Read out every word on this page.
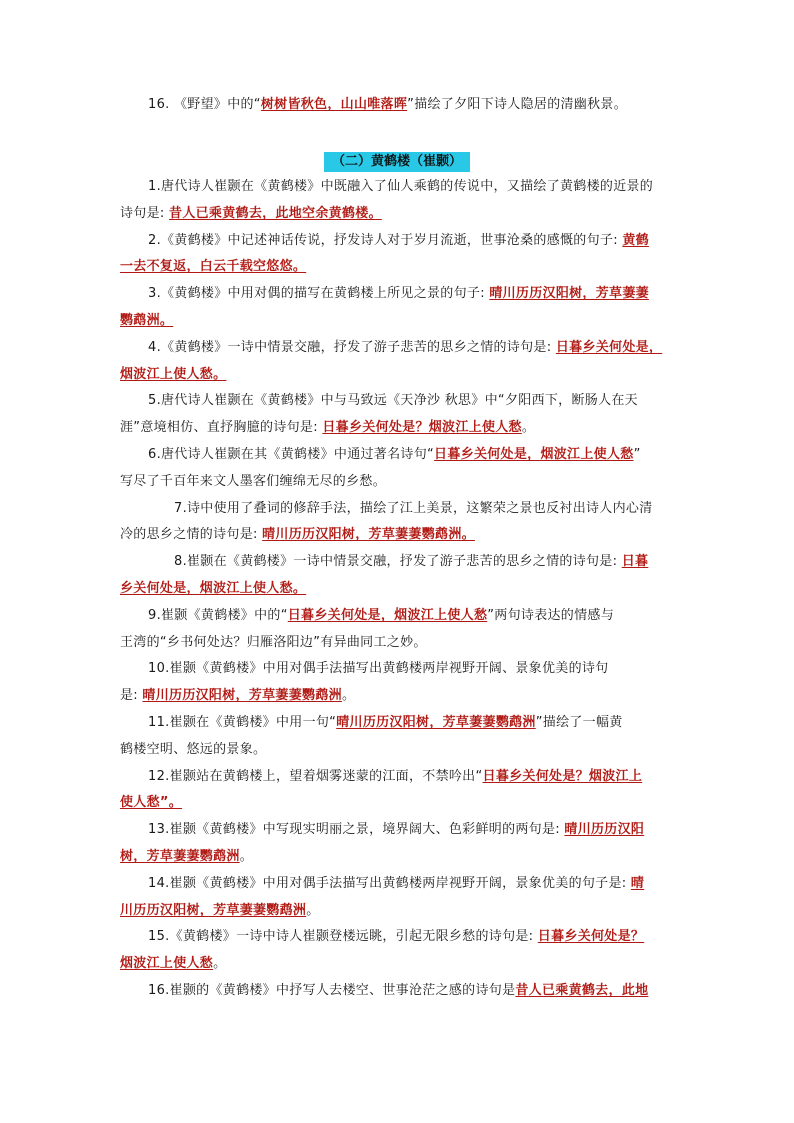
16. 《野望》中的“树树皆秋色，山山唯落晖”描绘了夕阳下诗人隐居的清幽秋景。
（二）黄鹤楼（崔颢）
1.唐代诗人崔颢在《黄鹤楼》中既融入了仙人乘鹤的传说中，又描绘了黄鹤楼的近景的
诗句是: 昔人已乘黄鹤去，此地空余黄鹤楼。
2.《黄鹤楼》中记述神话传说，抒发诗人对于岁月流逝，世事沧桑的感慨的句子: 黄鹤
一去不复返，白云千载空悠悠。
3.《黄鹤楼》中用对偶的描写在黄鹤楼上所见之景的句子: 晴川历历汉阳树，芳草萋萋
鹦鹉洲。
4.《黄鹤楼》一诗中情景交融，抒发了游子悲苦的思乡之情的诗句是: 日暮乡关何处是，
烟波江上使人愁。
5.唐代诗人崔颢在《黄鹤楼》中与马致远《天净沙 秋思》中“夕阳西下，断肠人在天
涯”意境相仿、直抒胸臆的诗句是: 日暮乡关何处是？烟波江上使人愁。
6.唐代诗人崔颢在其《黄鹤楼》中通过著名诗句“日暮乡关何处是，烟波江上使人愁”
写尽了千百年来文人墨客们缠绵无尽的乡愁。
7.诗中使用了叠词的修辞手法，描绘了江上美景，这繁荣之景也反衬出诗人内心清
冷的思乡之情的诗句是: 晴川历历汉阳树，芳草萋萋鹦鹉洲。
8.崔颢在《黄鹤楼》一诗中情景交融，抒发了游子悲苦的思乡之情的诗句是: 日暮
乡关何处是，烟波江上使人愁。
9.崔颢《黄鹤楼》中的“日暮乡关何处是，烟波江上使人愁”两句诗表达的情感与
王湾的“乡书何处达？归雁洛阳边”有异曲同工之妙。
10.崔颢《黄鹤楼》中用对偶手法描写出黄鹤楼两岸视野开阔、景象优美的诗句
是: 晴川历历汉阳树，芳草萋萋鹦鹉洲。
11.崔颢在《黄鹤楼》中用一句“晴川历历汉阳树，芳草萋萋鹦鹉洲”描绘了一幅黄
鹤楼空明、悠远的景象。
12.崔颢站在黄鹤楼上，望着烟雾迷蒙的江面，不禁吟出“日暮乡关何处是？烟波江上
使人愁”。
13.崔颢《黄鹤楼》中写现实明丽之景，境界阔大、色彩鲜明的两句是: 晴川历历汉阳
树，芳草萋萋鹦鹉洲。
14.崔颢《黄鹤楼》中用对偶手法描写出黄鹤楼两岸视野开阔，景象优美的句子是: 晴
川历历汉阳树，芳草萋萋鹦鹉洲。
15.《黄鹤楼》一诗中诗人崔颢登楼远眺，引起无限乡愁的诗句是: 日暮乡关何处是？
烟波江上使人愁。
16.崔颢的《黄鹤楼》中抒写人去楼空、世事沧茫之感的诗句是昔人已乘黄鹤去，此地
